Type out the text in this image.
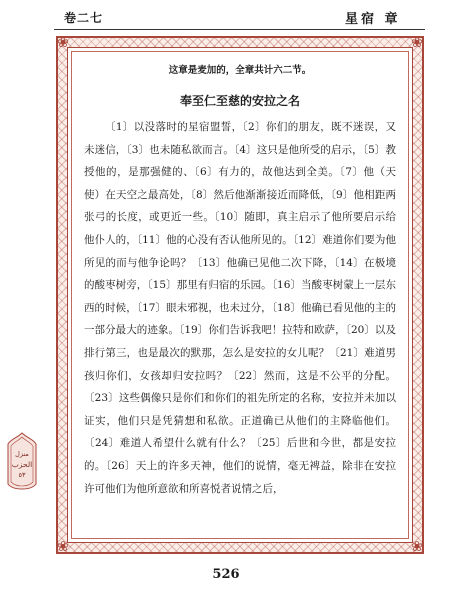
卷二七	星宿 章
❀	❀
❀	❀
这章是麦加的，全章共计六二节。
奉至仁至慈的安拉之名

〔1〕以没落时的星宿盟誓，〔2〕你们的朋友，既不迷误，又未迷信，〔3〕也未随私欲而言。〔4〕这只是他所受的启示，〔5〕教授他的，是那强健的、〔6〕有力的，故他达到全美。〔7〕他（天使）在天空之最高处，〔8〕然后他渐渐接近而降低，〔9〕他相距两张弓的长度，或更近一些。〔10〕随即，真主启示了他所要启示给他仆人的，〔11〕他的心没有否认他所见的。〔12〕难道你们要为他所见的而与他争论吗？〔13〕他确已见他二次下降，〔14〕在极境的酸枣树旁，〔15〕那里有归宿的乐园。〔16〕当酸枣树蒙上一层东西的时候，〔17〕眼未邪视，也未过分，〔18〕他确已看见他的主的一部分最大的迹象。〔19〕你们告诉我吧！拉特和欧萨，〔20〕以及排行第三，也是最次的默那，怎么是安拉的女儿呢？〔21〕难道男孩归你们，女孩却归安拉吗？〔22〕然而，这是不公平的分配。〔23〕这些偶像只是你们和你们的祖先所定的名称，安拉并未加以证实，他们只是凭猜想和私欲。正道确已从他们的主降临他们。〔24〕难道人希望什么就有什么？〔25〕后世和今世，都是安拉的。〔26〕天上的许多天神，他们的说情，毫无裨益，除非在安拉许可他们为他所意欲和所喜悦者说情之后，

منزل
الحزب
٥٣
526
